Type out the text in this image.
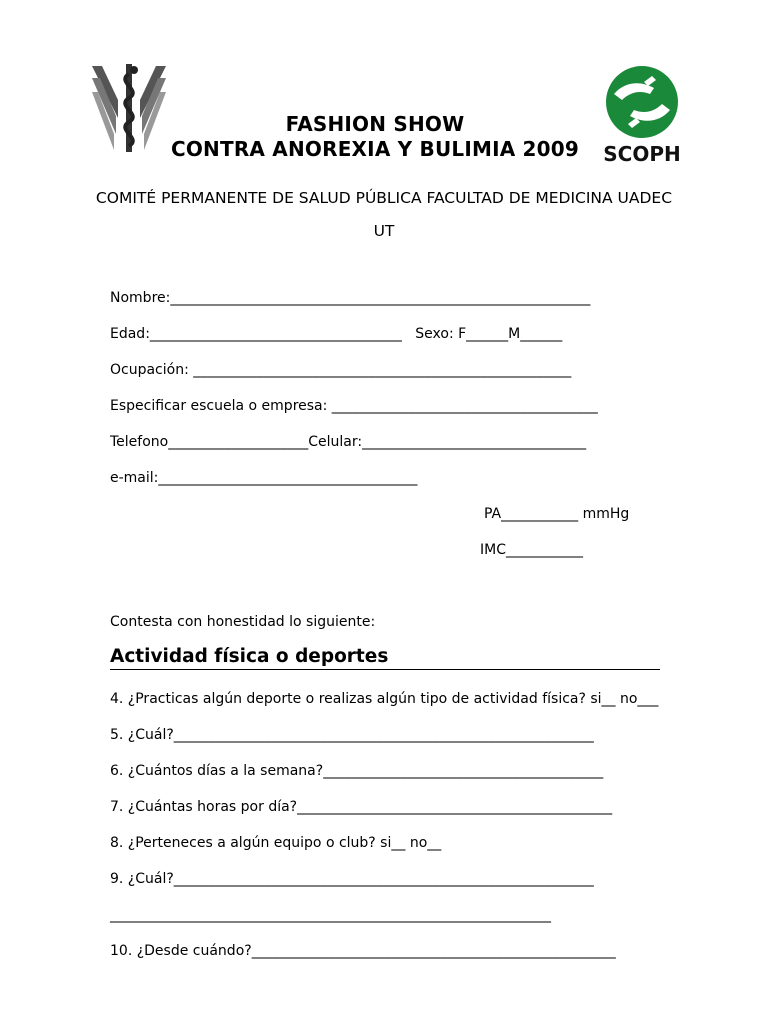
SCOPH
FASHION SHOW
CONTRA ANOREXIA Y BULIMIA 2009
COMITÉ PERMANENTE DE SALUD PÚBLICA FACULTAD DE MEDICINA UADEC
UT
Nombre:____________________________________________________________
Edad:____________________________________   Sexo: F______M______
Ocupación: ______________________________________________________
Especificar escuela o empresa: ______________________________________
Telefono____________________Celular:________________________________
e-mail:_____________________________________
PA___________ mmHg
IMC___________
Contesta con honestidad lo siguiente:
Actividad física o deportes
4. ¿Practicas algún deporte o realizas algún tipo de actividad física? si__ no___
5. ¿Cuál?____________________________________________________________
6. ¿Cuántos días a la semana?________________________________________
7. ¿Cuántas horas por día?_____________________________________________
8. ¿Perteneces a algún equipo o club? si__ no__
9. ¿Cuál?____________________________________________________________
_______________________________________________________________
10. ¿Desde cuándo?____________________________________________________
